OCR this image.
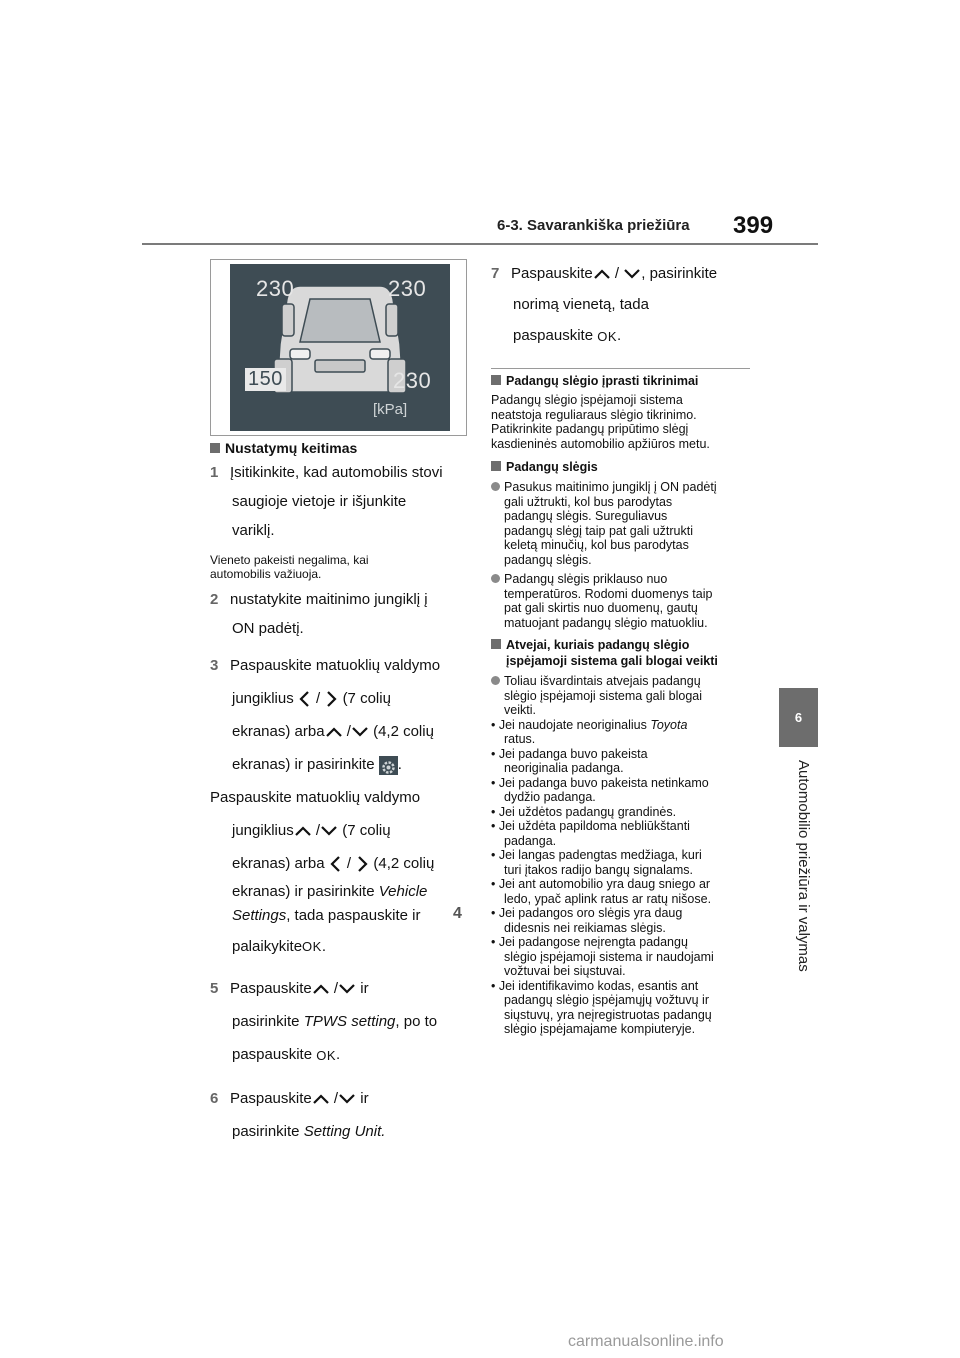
6-3. Savarankiška priežiūra 399
6
Automobilio priežiūra ir valymas
230	230
150	230
[kPa]
Nustatymų keitimas
1 Įsitikinkite, kad automobilis stovi
saugioje vietoje ir išjunkite
variklį.
Vieneto pakeisti negalima, kai
automobilis važiuoja.
2 nustatykite maitinimo jungiklį į
ON padėtį.
3 Paspauskite matuoklių valdymo
jungiklius / (7 colių
ekranas) arba / (4,2 colių
ekranas) ir pasirinkite .
Paspauskite matuoklių valdymo
jungiklius / (7 colių
ekranas) arba / (4,2 colių
ekranas) ir pasirinkite Vehicle
Settings, tada paspauskite ir
palaikykiteOK.
5 Paspauskite / ir
pasirinkite TPWS setting, po to
paspauskite OK.
6 Paspauskite / ir
pasirinkite Setting Unit.
4
7 Paspauskite / , pasirinkite
norimą vienetą, tada
paspauskite OK.
Padangų slėgio įprasti tikrinimai
Padangų slėgio įspėjamoji sistema
neatstoja reguliaraus slėgio tikrinimo.
Patikrinkite padangų pripūtimo slėgį
kasdieninės automobilio apžiūros metu.
Padangų slėgis
Pasukus maitinimo jungiklį į ON padėtį
gali užtrukti, kol bus parodytas
padangų slėgis. Sureguliavus
padangų slėgį taip pat gali užtrukti
keletą minučių, kol bus parodytas
padangų slėgis.
Padangų slėgis priklauso nuo
temperatūros. Rodomi duomenys taip
pat gali skirtis nuo duomenų, gautų
matuojant padangų slėgio matuokliu.
Atvejai, kuriais padangų slėgio
įspėjamoji sistema gali blogai veikti
Toliau išvardintais atvejais padangų
slėgio įspėjamoji sistema gali blogai
veikti.
• Jei naudojate neoriginalius Toyota
ratus.
• Jei padanga buvo pakeista
neoriginalia padanga.
• Jei padanga buvo pakeista netinkamo
dydžio padanga.
• Jei uždėtos padangų grandinės.
• Jei uždėta papildoma nebliūkštanti
padanga.
• Jei langas padengtas medžiaga, kuri
turi įtakos radijo bangų signalams.
• Jei ant automobilio yra daug sniego ar
ledo, ypač aplink ratus ar ratų nišose.
• Jei padangos oro slėgis yra daug
didesnis nei reikiamas slėgis.
• Jei padangose neįrengta padangų
slėgio įspėjamoji sistema ir naudojami
vožtuvai bei siųstuvai.
• Jei identifikavimo kodas, esantis ant
padangų slėgio įspėjamųjų vožtuvų ir
siųstuvų, yra neįregistruotas padangų
slėgio įspėjamajame kompiuteryje.
carmanualsonline.info
